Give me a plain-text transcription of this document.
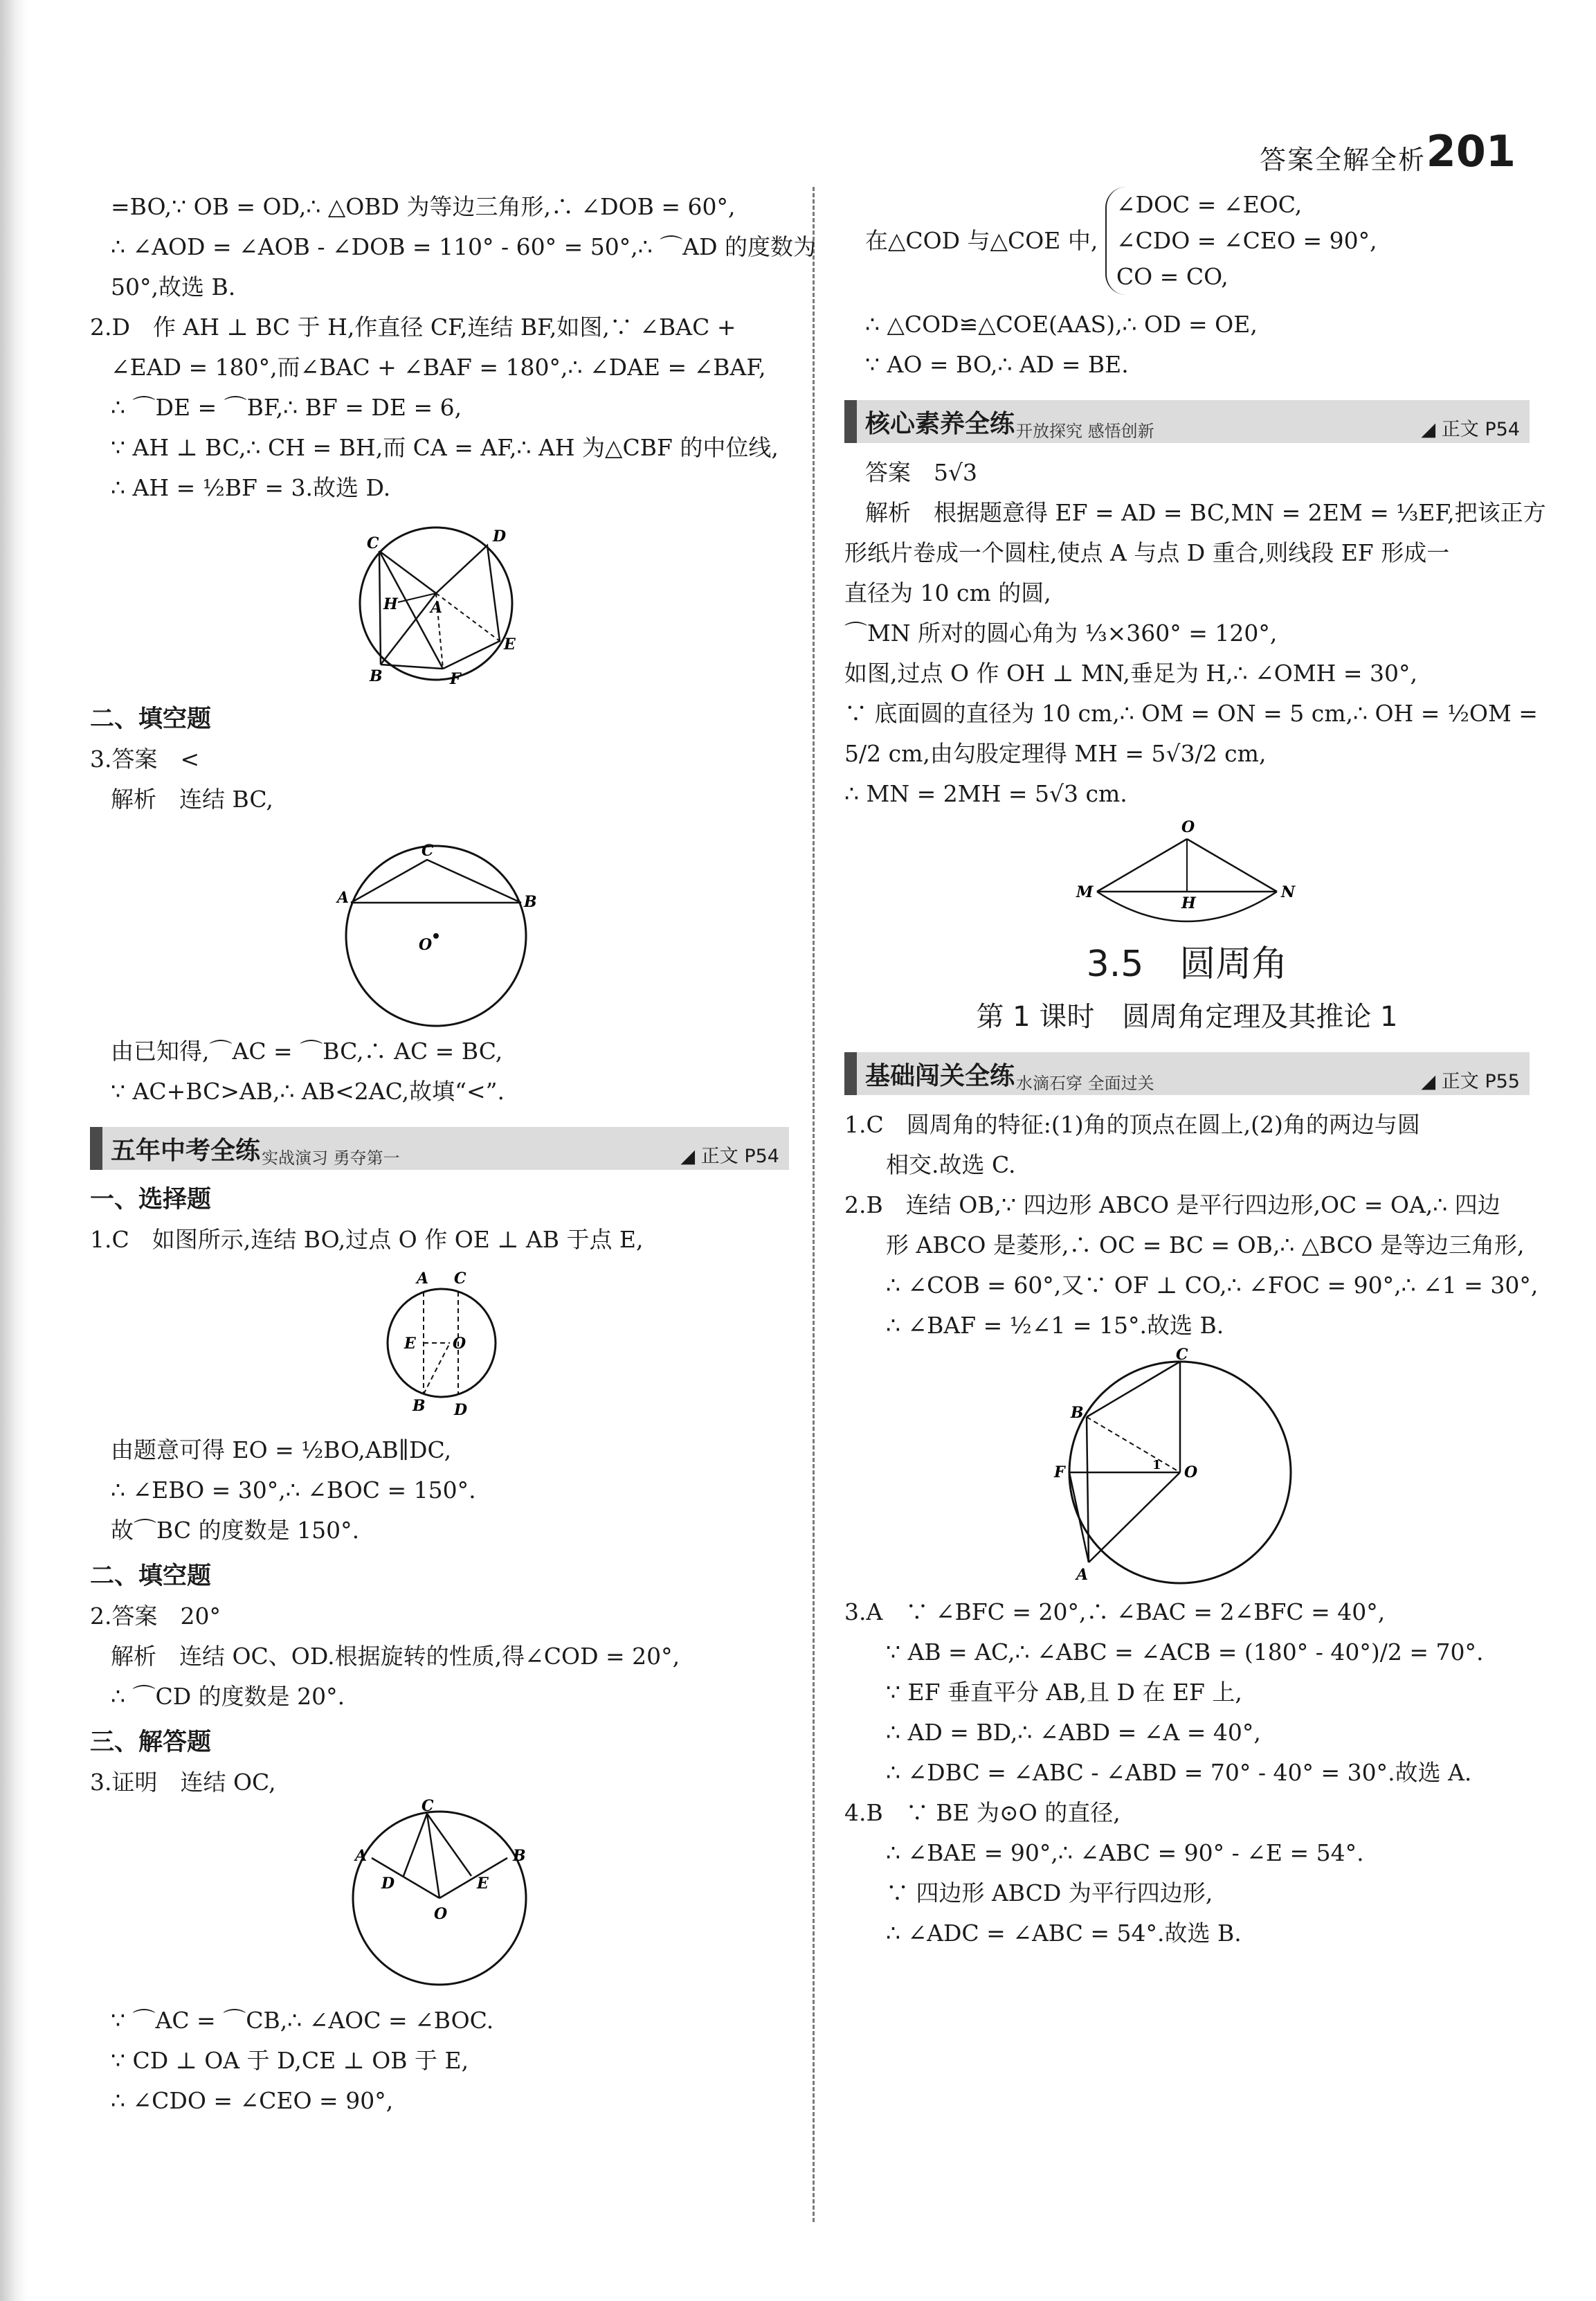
答案全解全析 201
=BO,∵ OB = OD,∴ △OBD 为等边三角形,∴ ∠DOB = 60°,
∴ ∠AOD = ∠AOB - ∠DOB = 110° - 60° = 50°,∴ ⌒AD 的度数为
50°,故选 B.
2.D　作 AH ⊥ BC 于 H,作直径 CF,连结 BF,如图,∵ ∠BAC +
∠EAD = 180°,而∠BAC + ∠BAF = 180°,∴ ∠DAE = ∠BAF,
∴ ⌒DE = ⌒BF,∴ BF = DE = 6,
∵ AH ⊥ BC,∴ CH = BH,而 CA = AF,∴ AH 为△CBF 的中位线,
∴ AH = ½BF = 3.故选 D.
C	D
H A
E
F
B
二、填空题
3.答案　<
解析　连结 BC,
C
A	B
O
由已知得,⌒AC = ⌒BC,∴ AC = BC,
∵ AC+BC>AB,∴ AB<2AC,故填“<”.
五年中考全练 实战演习 勇夺第一	◢ 正文 P54
一、选择题
1.C　如图所示,连结 BO,过点 O 作 OE ⊥ AB 于点 E,
A C
E O
B D
由题意可得 EO = ½BO,AB∥DC,
∴ ∠EBO = 30°,∴ ∠BOC = 150°.
故⌒BC 的度数是 150°.
二、填空题
2.答案　20°
解析　连结 OC、OD.根据旋转的性质,得∠COD = 20°,
∴ ⌒CD 的度数是 20°.
三、解答题
3.证明　连结 OC,
C
A	B
D	E
O
∵ ⌒AC = ⌒CB,∴ ∠AOC = ∠BOC.
∵ CD ⊥ OA 于 D,CE ⊥ OB 于 E,
∴ ∠CDO = ∠CEO = 90°,
在△COD 与△COE 中,
∠DOC = ∠EOC,
∠CDO = ∠CEO = 90°,
CO = CO,
∴ △COD≌△COE(AAS),∴ OD = OE,
∵ AO = BO,∴ AD = BE.
核心素养全练 开放探究 感悟创新	◢ 正文 P54
答案　5√3
解析　根据题意得 EF = AD = BC,MN = 2EM = ⅓EF,把该正方
形纸片卷成一个圆柱,使点 A 与点 D 重合,则线段 EF 形成一
直径为 10 cm 的圆,
⌒MN 所对的圆心角为 ⅓×360° = 120°,
如图,过点 O 作 OH ⊥ MN,垂足为 H,∴ ∠OMH = 30°,
∵ 底面圆的直径为 10 cm,∴ OM = ON = 5 cm,∴ OH = ½OM =
5/2 cm,由勾股定理得 MH = 5√3/2 cm,
∴ MN = 2MH = 5√3 cm.
O
M	N
H
3.5　圆周角
第 1 课时　圆周角定理及其推论 1
基础闯关全练 水滴石穿 全面过关	◢ 正文 P55
1.C　圆周角的特征:(1)角的顶点在圆上,(2)角的两边与圆
相交.故选 C.
2.B　连结 OB,∵ 四边形 ABCO 是平行四边形,OC = OA,∴ 四边
形 ABCO 是菱形,∴ OC = BC = OB,∴ △BCO 是等边三角形,
∴ ∠COB = 60°,又∵ OF ⊥ CO,∴ ∠FOC = 90°,∴ ∠1 = 30°,
∴ ∠BAF = ½∠1 = 15°.故选 B.
C
B
F	O
A
1
3.A　∵ ∠BFC = 20°,∴ ∠BAC = 2∠BFC = 40°,
∵ AB = AC,∴ ∠ABC = ∠ACB = (180° - 40°)/2 = 70°.
∵ EF 垂直平分 AB,且 D 在 EF 上,
∴ AD = BD,∴ ∠ABD = ∠A = 40°,
∴ ∠DBC = ∠ABC - ∠ABD = 70° - 40° = 30°.故选 A.
4.B　∵ BE 为⊙O 的直径,
∴ ∠BAE = 90°,∴ ∠ABC = 90° - ∠E = 54°.
∵ 四边形 ABCD 为平行四边形,
∴ ∠ADC = ∠ABC = 54°.故选 B.
